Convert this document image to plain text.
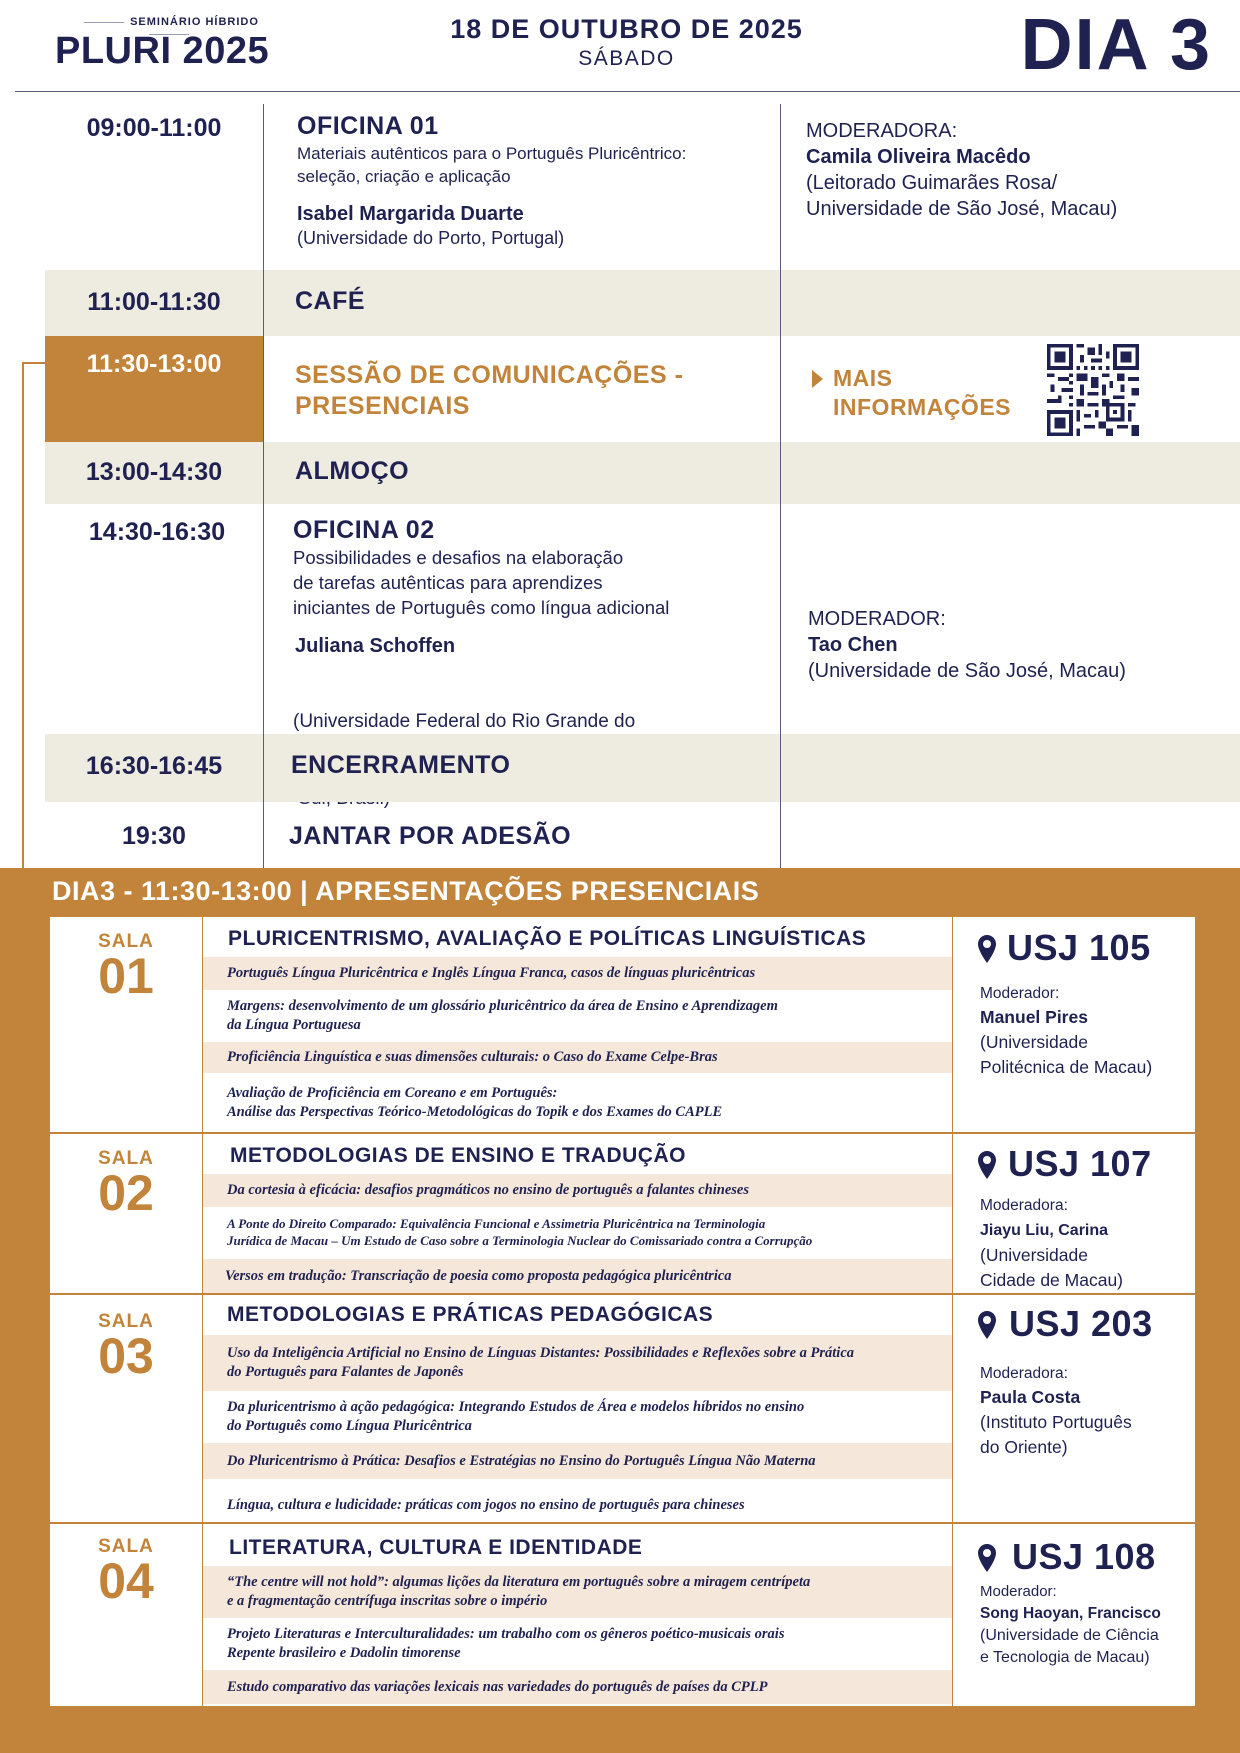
SEMINÁRIO HÍBRIDO
PLURI 2025
18 DE OUTUBRO DE 2025
SÁBADO	DIA 3
09:00-11:00	OFICINA 01
Materiais autênticos para o Português Pluricêntrico:
seleção, criação e aplicação
Isabel Margarida Duarte
(Universidade do Porto, Portugal)
MODERADORA:
Camila Oliveira Macêdo
(Leitorado Guimarães Rosa/
Universidade de São José, Macau)
11:00-11:30	CAFÉ
11:30-13:00	SESSÃO DE COMUNICAÇÕES -
PRESENCIAIS
MAIS
INFORMAÇÕES
13:00-14:30	ALMOÇO
14:30-16:30	OFICINA 02
Possibilidades e desafios na elaboração
de tarefas autênticas para aprendizes
iniciantes de Português como língua adicional
Juliana Schoffen

(Universidade Federal do Rio Grande do

MODERADOR:
Tao Chen
(Universidade de São José, Macau)
16:30-16:45	ENCERRAMENTO
19:30	JANTAR POR ADESÃO
DIA3 - 11:30-13:00 | APRESENTAÇÕES PRESENCIAIS
SALA
01
PLURICENTRISMO, AVALIAÇÃO E POLÍTICAS LINGUÍSTICAS
Português Língua Pluricêntrica e Inglês Língua Franca, casos de línguas pluricêntricas
Margens: desenvolvimento de um glossário pluricêntrico da área de Ensino e Aprendizagem
da Língua Portuguesa
Proficiência Linguística e suas dimensões culturais: o Caso do Exame Celpe-Bras
Avaliação de Proficiência em Coreano e em Português:
Análise das Perspectivas Teórico-Metodológicas do Topik e dos Exames do CAPLE
USJ 105
Moderador:
Manuel Pires
(Universidade
Politécnica de Macau)
SALA
02
METODOLOGIAS DE ENSINO E TRADUÇÃO
Da cortesia à eficácia: desafios pragmáticos no ensino de português a falantes chineses
A Ponte do Direito Comparado: Equivalência Funcional e Assimetria Pluricêntrica na Terminologia
Jurídica de Macau – Um Estudo de Caso sobre a Terminologia Nuclear do Comissariado contra a Corrupção
Versos em tradução: Transcriação de poesia como proposta pedagógica pluricêntrica
USJ 107
Moderadora:
Jiayu Liu, Carina
(Universidade
Cidade de Macau)
SALA
03
METODOLOGIAS E PRÁTICAS PEDAGÓGICAS
Uso da Inteligência Artificial no Ensino de Línguas Distantes: Possibilidades e Reflexões sobre a Prática
do Português para Falantes de Japonês
Da pluricentrismo à ação pedagógica: Integrando Estudos de Área e modelos híbridos no ensino
do Português como Língua Pluricêntrica
Do Pluricentrismo à Prática: Desafios e Estratégias no Ensino do Português Língua Não Materna
Língua, cultura e ludicidade: práticas com jogos no ensino de português para chineses
USJ 203
Moderadora:
Paula Costa
(Instituto Português
do Oriente)
SALA
04
LITERATURA, CULTURA E IDENTIDADE
“The centre will not hold”: algumas lições da literatura em português sobre a miragem centrípeta
e a fragmentação centrífuga inscritas sobre o império
Projeto Literaturas e Interculturalidades: um trabalho com os gêneros poético-musicais orais
Repente brasileiro e Dadolin timorense
Estudo comparativo das variações lexicais nas variedades do português de países da CPLP
USJ 108
Moderador:
Song Haoyan, Francisco
(Universidade de Ciência
e Tecnologia de Macau)
